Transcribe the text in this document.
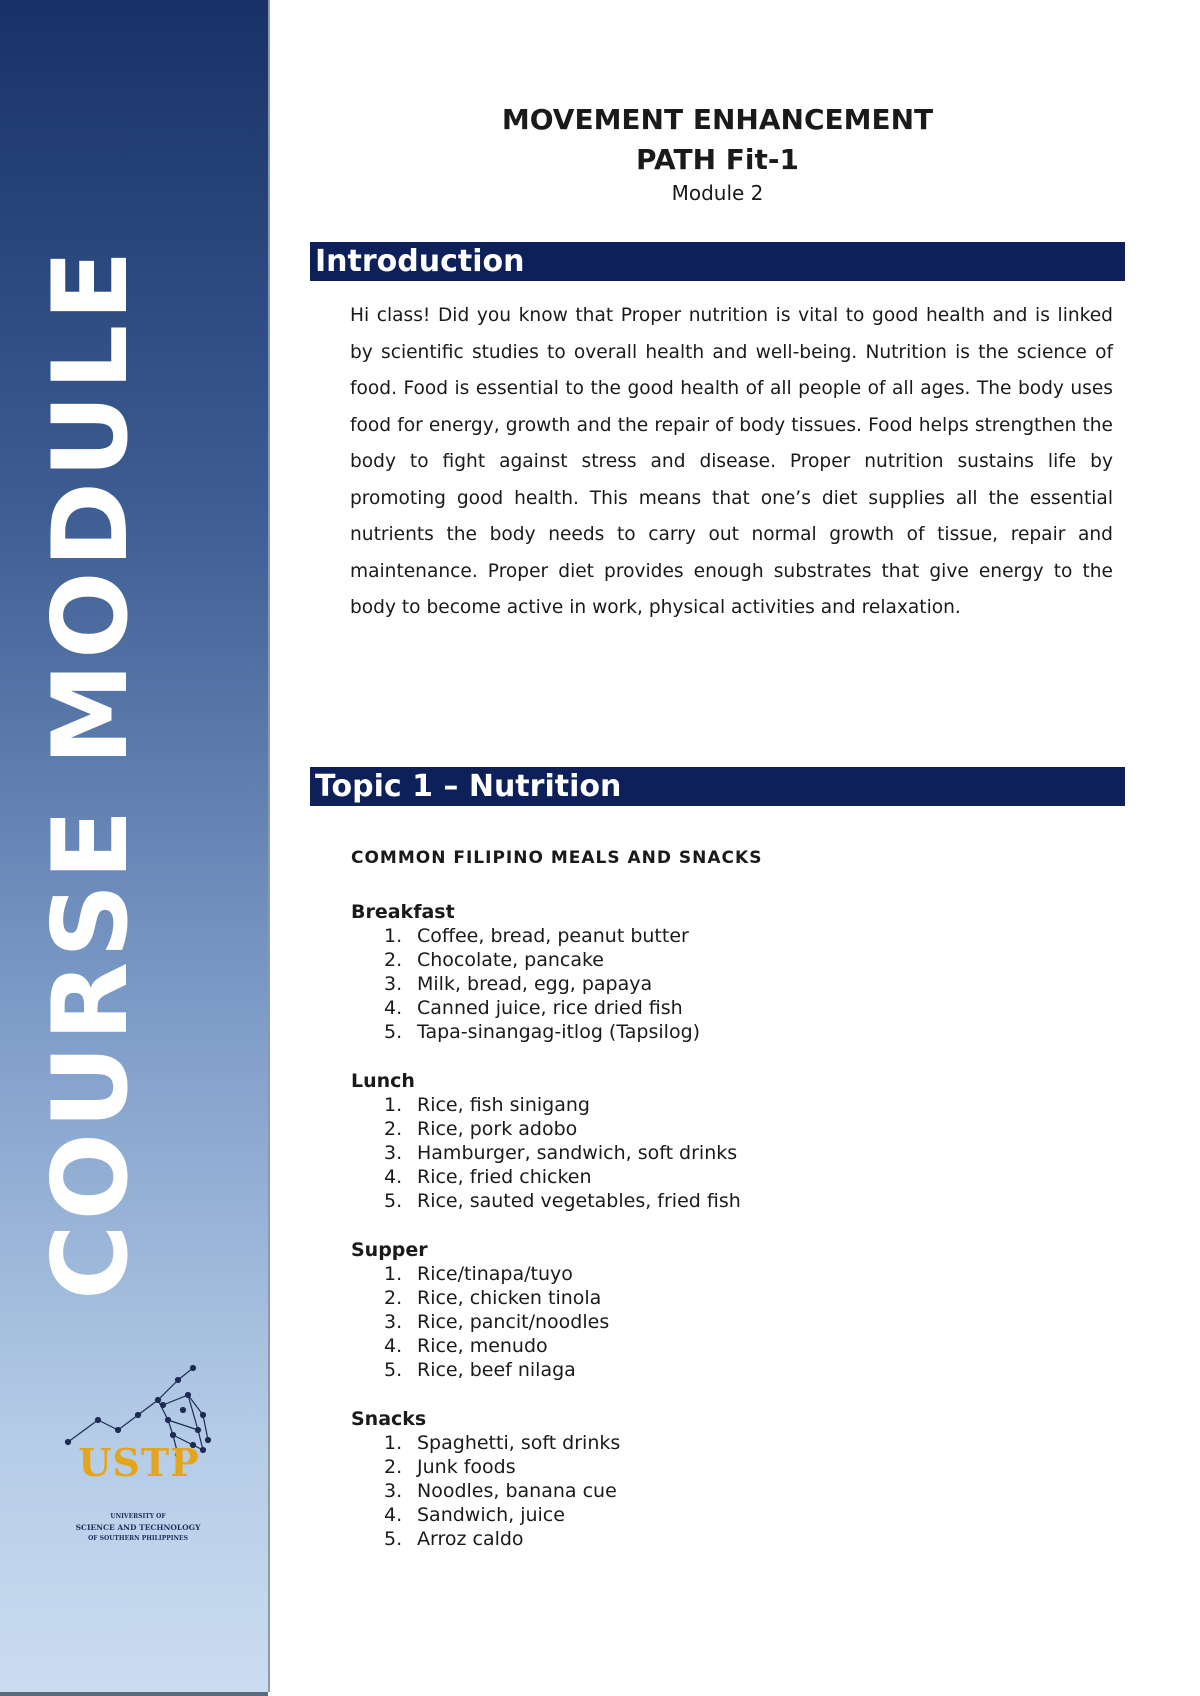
COURSE MODULE
USTP
UNIVERSITY OF
SCIENCE AND TECHNOLOGY
OF SOUTHERN PHILIPPINES

MOVEMENT ENHANCEMENT

PATH Fit-1

Module 2

Introduction

Hi class! Did you know that Proper nutrition is vital to good health and is linked by scientific studies to overall health and well-being. Nutrition is the science of food. Food is essential to the good health of all people of all ages. The body uses food for energy, growth and the repair of body tissues. Food helps strengthen the body to fight against stress and disease. Proper nutrition sustains life by promoting good health. This means that one’s diet supplies all the essential nutrients the body needs to carry out normal growth of tissue, repair and maintenance. Proper diet provides enough substrates that give energy to the body to become active in work, physical activities and relaxation.

Topic 1 – Nutrition

COMMON FILIPINO MEALS AND SNACKS

Breakfast

1. Coffee, bread, peanut butter
2. Chocolate, pancake
3. Milk, bread, egg, papaya
4. Canned juice, rice dried fish
5. Tapa-sinangag-itlog (Tapsilog)

Lunch

1. Rice, fish sinigang
2. Rice, pork adobo
3. Hamburger, sandwich, soft drinks
4. Rice, fried chicken
5. Rice, sauted vegetables, fried fish

Supper

1. Rice/tinapa/tuyo
2. Rice, chicken tinola
3. Rice, pancit/noodles
4. Rice, menudo
5. Rice, beef nilaga

Snacks

1. Spaghetti, soft drinks
2. Junk foods
3. Noodles, banana cue
4. Sandwich, juice
5. Arroz caldo
